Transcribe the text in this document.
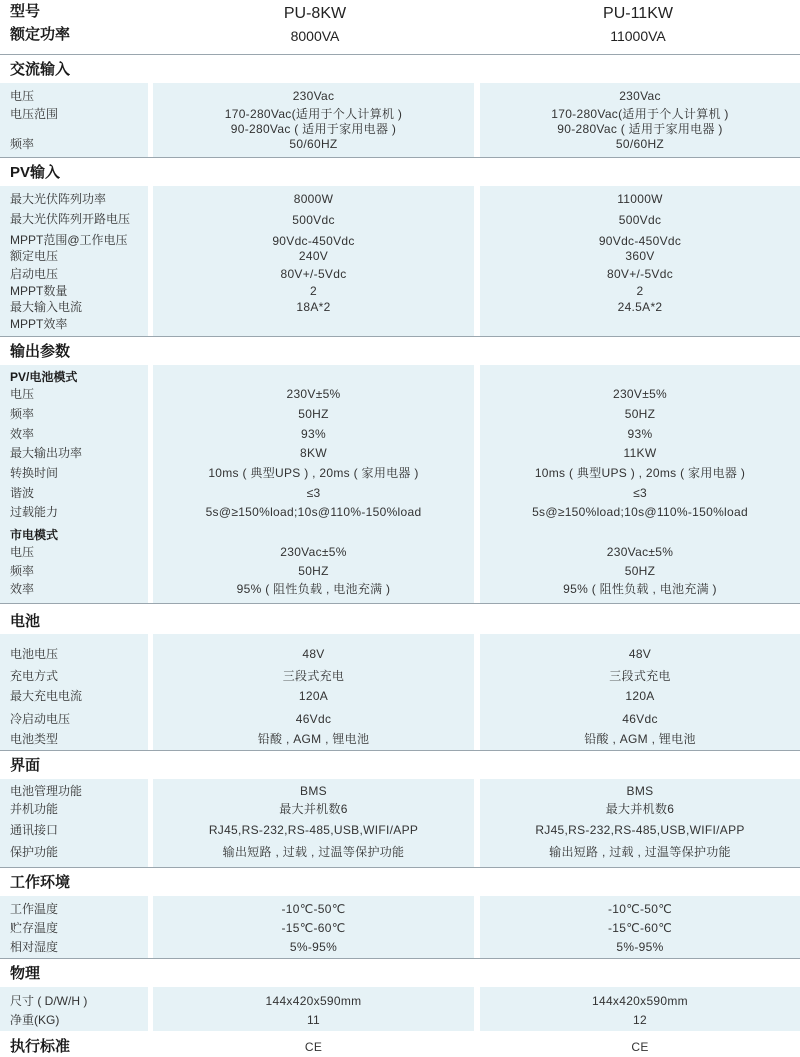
型号	PU-8KW	PU-11KW
额定功率	8000VA	11000VA
交流输入
电压	230Vac	230Vac
电压范围	170-280Vac(适用于个人计算机 )	170-280Vac(适用于个人计算机 )
90-280Vac ( 适用于家用电器 )	90-280Vac ( 适用于家用电器 )
频率	50/60HZ	50/60HZ
PV输入
最大光伏阵列功率	8000W	11000W
最大光伏阵列开路电压	500Vdc	500Vdc
MPPT范围@工作电压	90Vdc-450Vdc	90Vdc-450Vdc
额定电压	240V	360V
启动电压	80V+/-5Vdc	80V+/-5Vdc
MPPT数量	2	2
最大输入电流	18A*2	24.5A*2
MPPT效率
输出参数
PV/电池模式
电压	230V±5%	230V±5%
频率	50HZ	50HZ
效率	93%	93%
最大输出功率	8KW	11KW
转换时间	10ms ( 典型UPS ) , 20ms ( 家用电器 )	10ms ( 典型UPS ) , 20ms ( 家用电器 )
谐波	≤3	≤3
过载能力	5s@≥150%load;10s@110%-150%load	5s@≥150%load;10s@110%-150%load
市电模式
电压	230Vac±5%	230Vac±5%
频率	50HZ	50HZ
效率	95% ( 阻性负载 , 电池充满 )	95% ( 阻性负载 , 电池充满 )
电池
电池电压	48V	48V
充电方式	三段式充电	三段式充电
最大充电电流	120A	120A
冷启动电压	46Vdc	46Vdc
电池类型	铅酸 , AGM , 锂电池	铅酸 , AGM , 锂电池
界面
电池管理功能	BMS	BMS
并机功能	最大并机数6	最大并机数6
通讯接口	RJ45,RS-232,RS-485,USB,WIFI/APP	RJ45,RS-232,RS-485,USB,WIFI/APP
保护功能	输出短路 , 过载 , 过温等保护功能	输出短路 , 过载 , 过温等保护功能
工作环境
工作温度	-10℃-50℃	-10℃-50℃
贮存温度	-15℃-60℃	-15℃-60℃
相对湿度	5%-95%	5%-95%
物理
尺寸 ( D/W/H )	144x420x590mm	144x420x590mm
净重(KG)	11	12
执行标准	CE	CE
